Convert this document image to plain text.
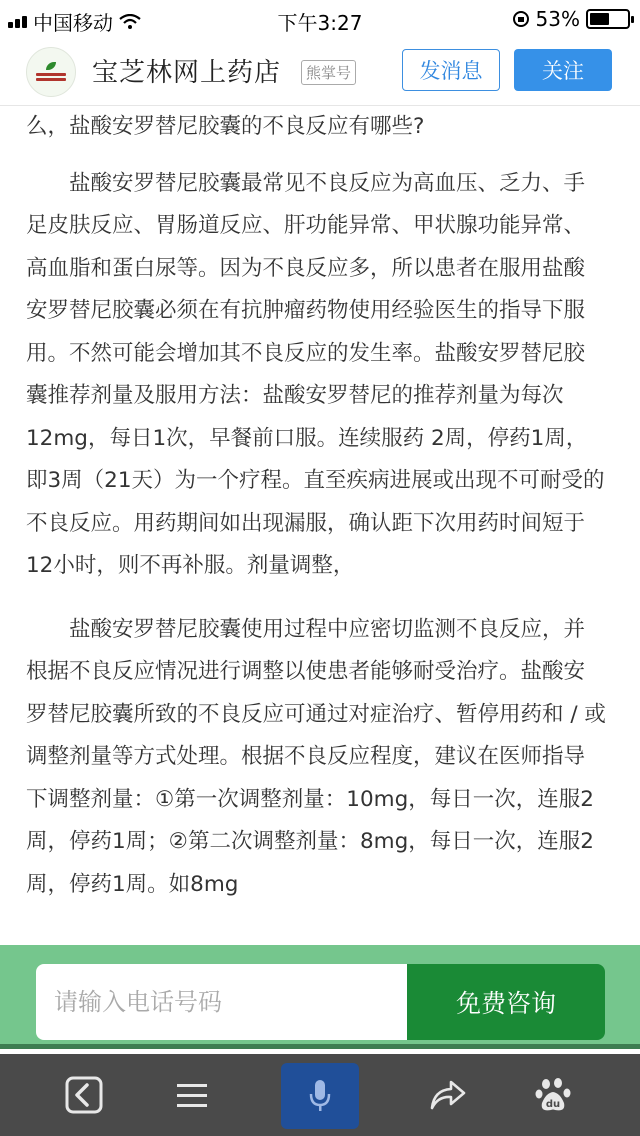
中国移动	下午3:27	53%
宝芝林网上药店	熊掌号	发消息	关注

么，盐酸安罗替尼胶囊的不良反应有哪些?

盐酸安罗替尼胶囊最常见不良反应为高血压、乏力、手足皮肤反应、胃肠道反应、肝功能异常、甲状腺功能异常、高血脂和蛋白尿等。因为不良反应多，所以患者在服用盐酸安罗替尼胶囊必须在有抗肿瘤药物使用经验医生的指导下服用。不然可能会增加其不良反应的发生率。盐酸安罗替尼胶囊推荐剂量及服用方法：盐酸安罗替尼的推荐剂量为每次12mg，每日1次，早餐前口服。连续服药 2周，停药1周，即3周（21天）为一个疗程。直至疾病进展或出现不可耐受的不良反应。用药期间如出现漏服，确认距下次用药时间短于12小时，则不再补服。剂量调整，

盐酸安罗替尼胶囊使用过程中应密切监测不良反应，并根据不良反应情况进行调整以使患者能够耐受治疗。盐酸安罗替尼胶囊所致的不良反应可通过对症治疗、暂停用药和 / 或调整剂量等方式处理。根据不良反应程度，建议在医师指导下调整剂量：①第一次调整剂量：10mg，每日一次，连服2周，停药1周；②第二次调整剂量：8mg，每日一次，连服2周，停药1周。如8mg

请输入电话号码
免费咨询
du
